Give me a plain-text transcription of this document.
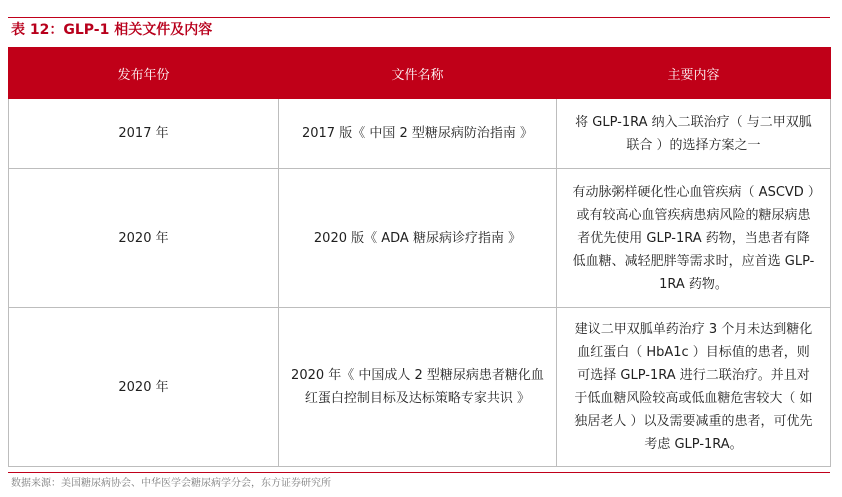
表 12：GLP-1 相关文件及内容
发布年份	文件名称	主要内容
2017 年	2017 版《 中国 2 型糖尿病防治指南 》	将 GLP-1RA 纳入二联治疗（ 与二甲双胍联合 ）的选择方案之一
2020 年	2020 版《 ADA 糖尿病诊疗指南 》	有动脉粥样硬化性心血管疾病（ ASCVD ）或有较高心血管疾病患病风险的糖尿病患者优先使用 GLP-1RA 药物，当患者有降低血糖、减轻肥胖等需求时，应首选 GLP-1RA 药物。
2020 年	2020 年《 中国成人 2 型糖尿病患者糖化血红蛋白控制目标及达标策略专家共识 》	建议二甲双胍单药治疗 3 个月未达到糖化血红蛋白（ HbA1c ）目标值的患者，则可选择 GLP-1RA 进行二联治疗。并且对于低血糖风险较高或低血糖危害较大（ 如独居老人 ）以及需要减重的患者，可优先考虑 GLP-1RA。
数据来源：美国糖尿病协会、中华医学会糖尿病学分会，东方证券研究所
